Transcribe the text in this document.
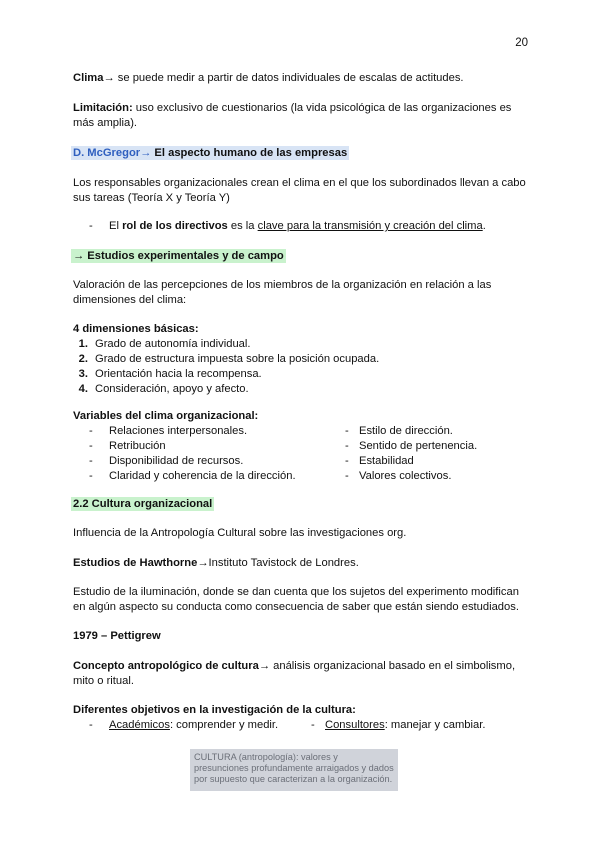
20
Clima→ se puede medir a partir de datos individuales de escalas de actitudes.
Limitación: uso exclusivo de cuestionarios (la vida psicológica de las organizaciones es más amplia).
D. McGregor→ El aspecto humano de las empresas
Los responsables organizacionales crean el clima en el que los subordinados llevan a cabo sus tareas (Teoría X y Teoría Y)
- El rol de los directivos es la clave para la transmisión y creación del clima.
→ Estudios experimentales y de campo
Valoración de las percepciones de los miembros de la organización en relación a las dimensiones del clima:
4 dimensiones básicas:
1. Grado de autonomía individual.
2. Grado de estructura impuesta sobre la posición ocupada.
3. Orientación hacia la recompensa.
4. Consideración, apoyo y afecto.
Variables del clima organizacional:
- Relaciones interpersonales.
- Retribución
- Disponibilidad de recursos.
- Claridad y coherencia de la dirección.
- Estilo de dirección.
- Sentido de pertenencia.
- Estabilidad
- Valores colectivos.
2.2 Cultura organizacional
Influencia de la Antropología Cultural sobre las investigaciones org.
Estudios de Hawthorne→Instituto Tavistock de Londres.
Estudio de la iluminación, donde se dan cuenta que los sujetos del experimento modifican en algún aspecto su conducta como consecuencia de saber que están siendo estudiados.
1979 – Pettigrew
Concepto antropológico de cultura→ análisis organizacional basado en el simbolismo, mito o ritual.
Diferentes objetivos en la investigación de la cultura:
- Académicos: comprender y medir.	- Consultores: manejar y cambiar.
CULTURA (antropología): valores y presunciones profundamente arraigados y dados por supuesto que caracterizan a la organización.
